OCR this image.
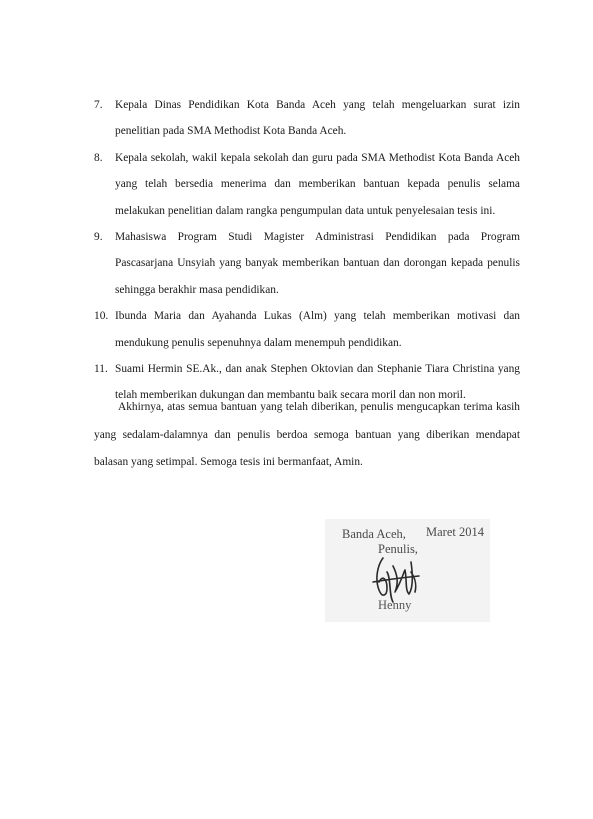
7. Kepala Dinas Pendidikan Kota Banda Aceh yang telah mengeluarkan surat izin penelitian pada SMA Methodist Kota Banda Aceh.
8. Kepala sekolah, wakil kepala sekolah dan guru pada SMA Methodist Kota Banda Aceh yang telah bersedia menerima dan memberikan bantuan kepada penulis selama melakukan penelitian dalam rangka pengumpulan data untuk penyelesaian tesis ini.
9. Mahasiswa Program Studi Magister Administrasi Pendidikan pada Program Pascasarjana Unsyiah yang banyak memberikan bantuan dan dorongan kepada penulis sehingga berakhir masa pendidikan.
10. Ibunda Maria dan Ayahanda Lukas (Alm) yang telah memberikan motivasi dan mendukung penulis sepenuhnya dalam menempuh pendidikan.
11. Suami Hermin SE.Ak., dan anak Stephen Oktovian dan Stephanie Tiara Christina yang telah memberikan dukungan dan membantu baik secara moril dan non moril.

Akhirnya, atas semua bantuan yang telah diberikan, penulis mengucapkan terima kasih yang sedalam-dalamnya dan penulis berdoa semoga bantuan yang diberikan mendapat balasan yang setimpal. Semoga tesis ini bermanfaat, Amin.

Banda Aceh, Maret 2014
Penulis,
Henny
